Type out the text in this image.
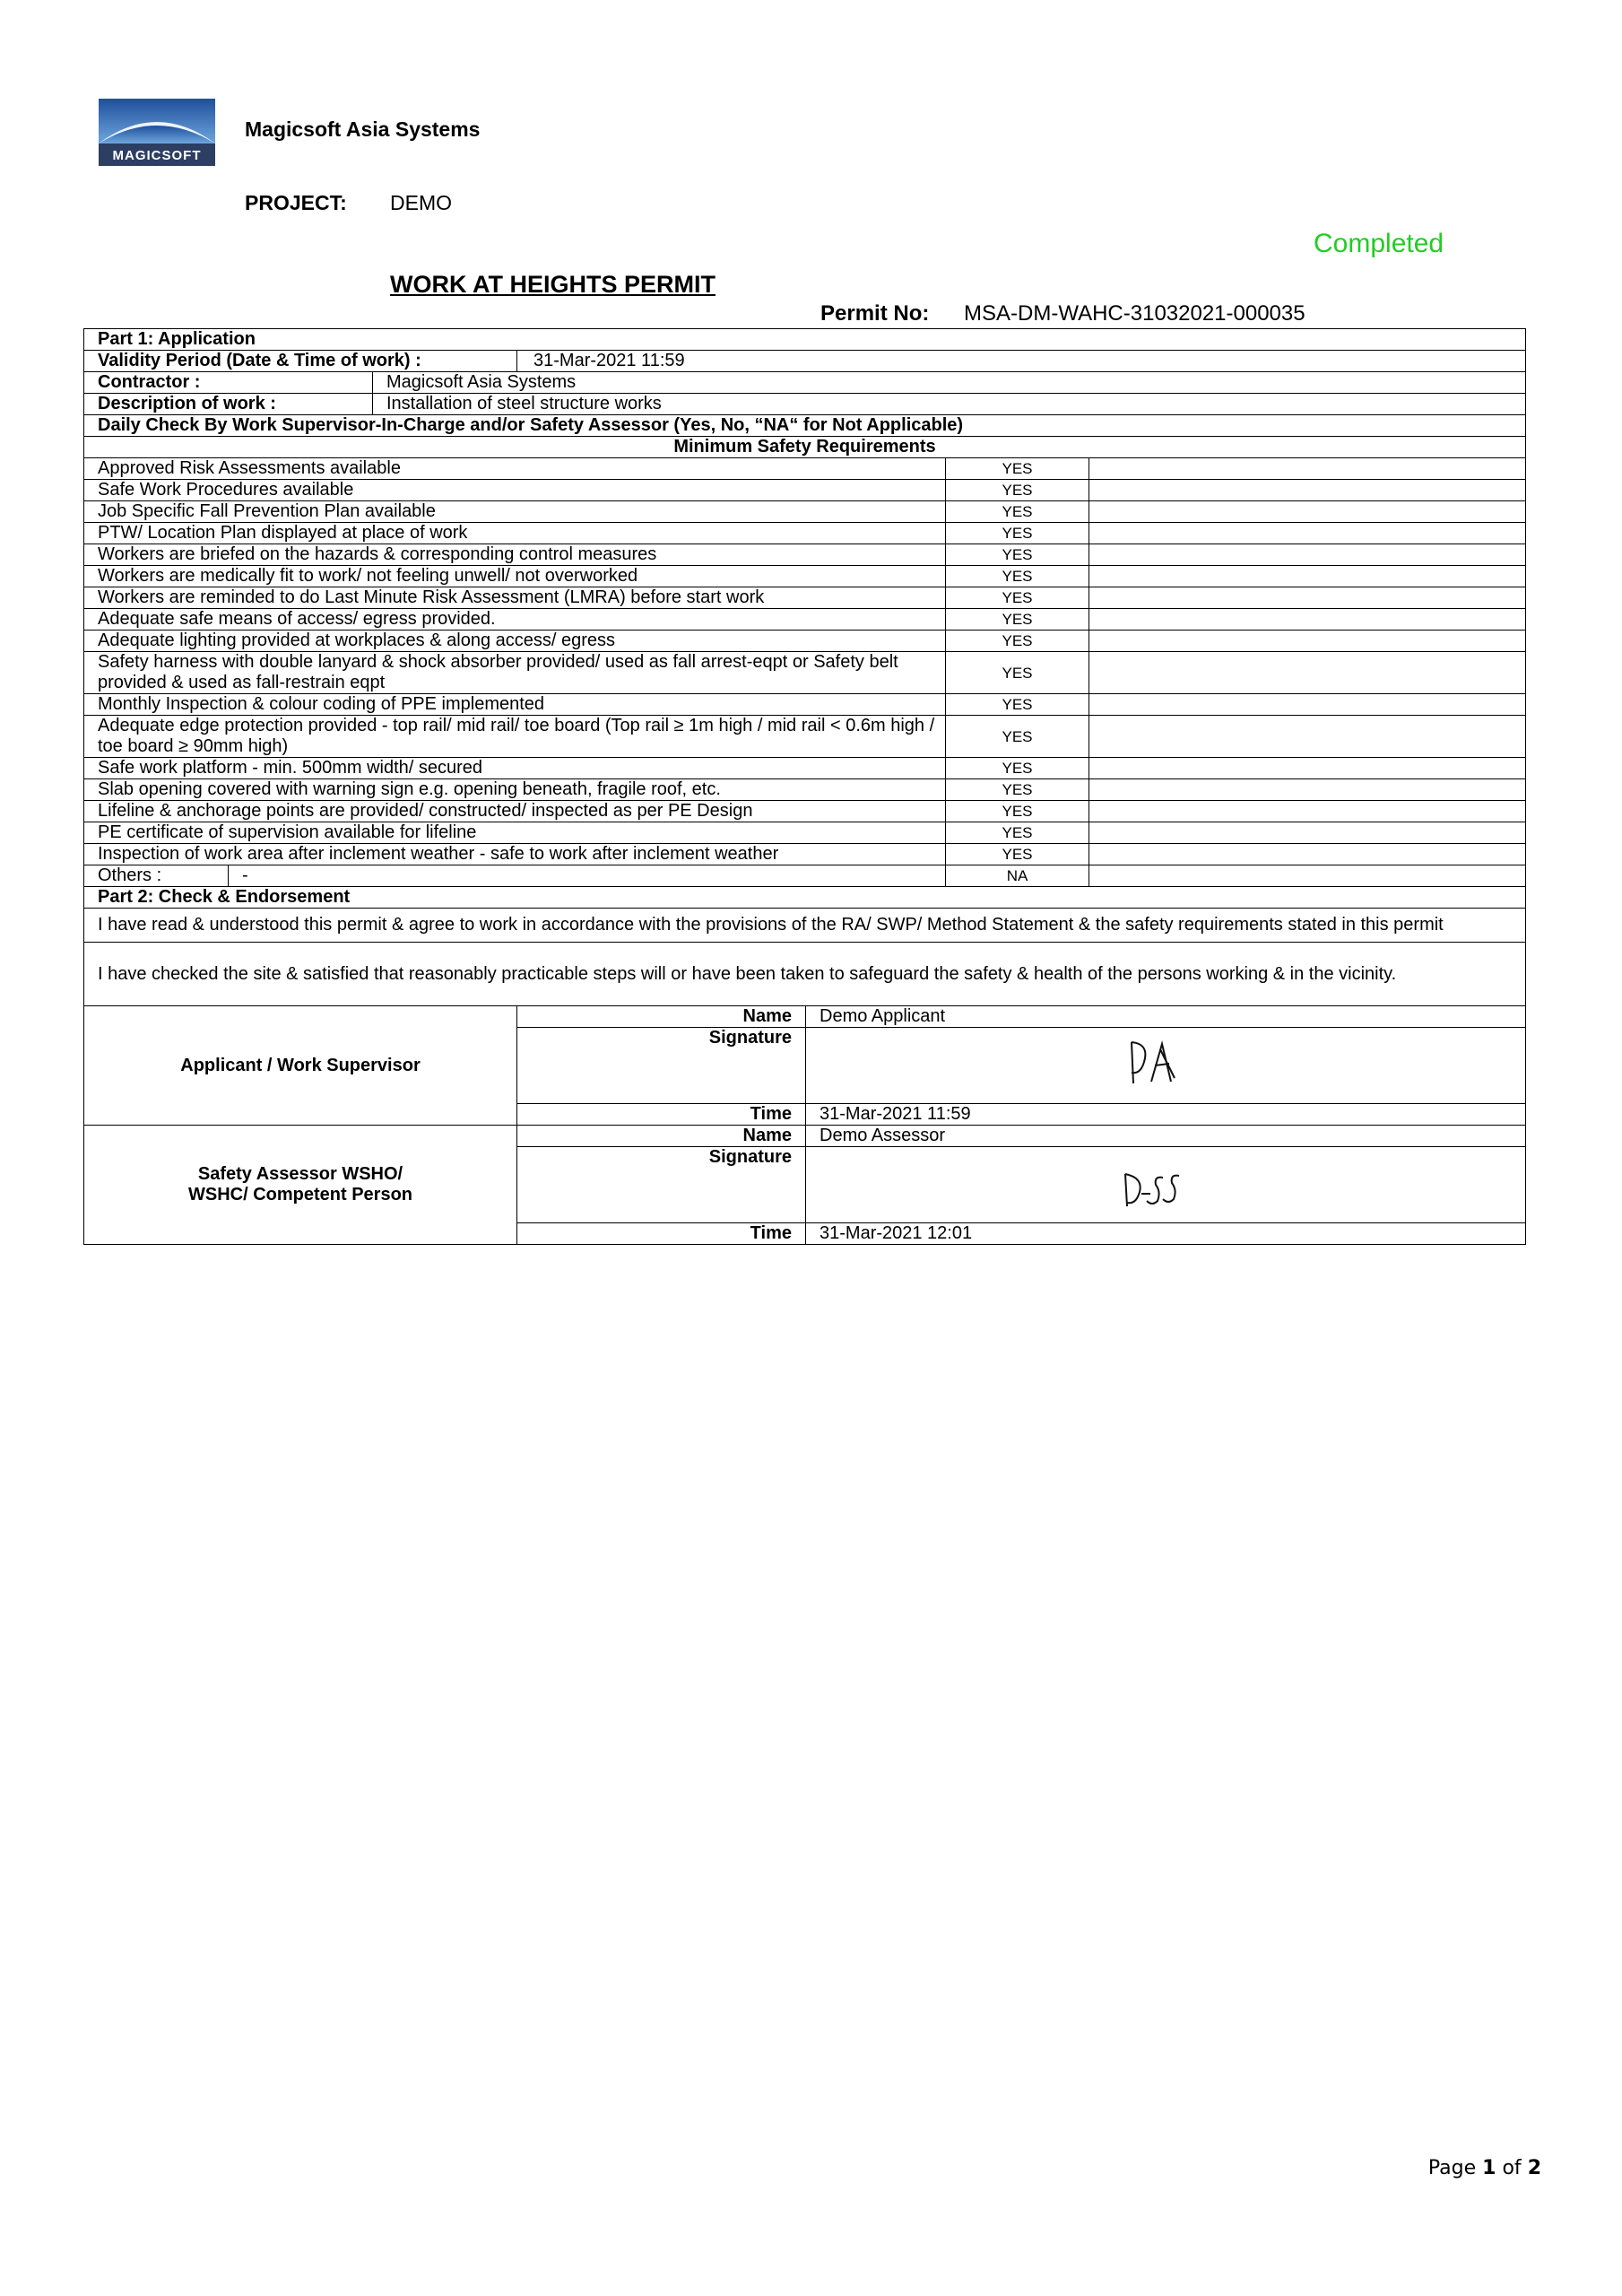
MAGICSOFT
Magicsoft Asia Systems
PROJECT: DEMO
Completed
WORK AT HEIGHTS PERMIT
Permit No: MSA-DM-WAHC-31032021-000035
Part 1: Application						
Validity Period (Date & Time of work) :			31-Mar-2021 11:59			
Contractor :		Magicsoft Asia Systems				
Description of work :		Installation of steel structure works				
Daily Check By Work Supervisor-In-Charge and/or Safety Assessor (Yes, No, “NA“ for Not Applicable)						
Minimum Safety Requirements						
Approved Risk Assessments available					YES	
Safe Work Procedures available					YES	
Job Specific Fall Prevention Plan available					YES	
PTW/ Location Plan displayed at place of work					YES	
Workers are briefed on the hazards & corresponding control measures					YES	
Workers are medically fit to work/ not feeling unwell/ not overworked					YES	
Workers are reminded to do Last Minute Risk Assessment (LMRA) before start work					YES	
Adequate safe means of access/ egress provided.					YES	
Adequate lighting provided at workplaces & along access/ egress					YES	
Safety harness with double lanyard & shock absorber provided/ used as fall arrest-eqpt or Safety belt provided & used as fall-restrain eqpt					YES	
Monthly Inspection & colour coding of PPE implemented					YES	
Adequate edge protection provided - top rail/ mid rail/ toe board (Top rail ≥ 1m high / mid rail < 0.6m high / toe board ≥ 90mm high)					YES	
Safe work platform - min. 500mm width/ secured					YES	
Slab opening covered with warning sign e.g. opening beneath, fragile roof, etc.					YES	
Lifeline & anchorage points are provided/ constructed/ inspected as per PE Design					YES	
PE certificate of supervision available for lifeline					YES	
Inspection of work area after inclement weather - safe to work after inclement weather					YES	
Others :	-				NA	
Part 2: Check & Endorsement						
I have read & understood this permit & agree to work in accordance with the provisions of the RA/ SWP/ Method Statement & the safety requirements stated in this permit						
I have checked the site & satisfied that reasonably practicable steps will or have been taken to safeguard the safety & health of the persons working & in the vicinity.						
Applicant / Work Supervisor			Name	Demo Applicant		
			Signature	

			Time	31-Mar-2021 11:59		

Safety Assessor WSHO/
WSHC/ Competent Person			Name	Demo Assessor		
			Signature	

			Time	31-Mar-2021 12:01		
Page 1 of 2
